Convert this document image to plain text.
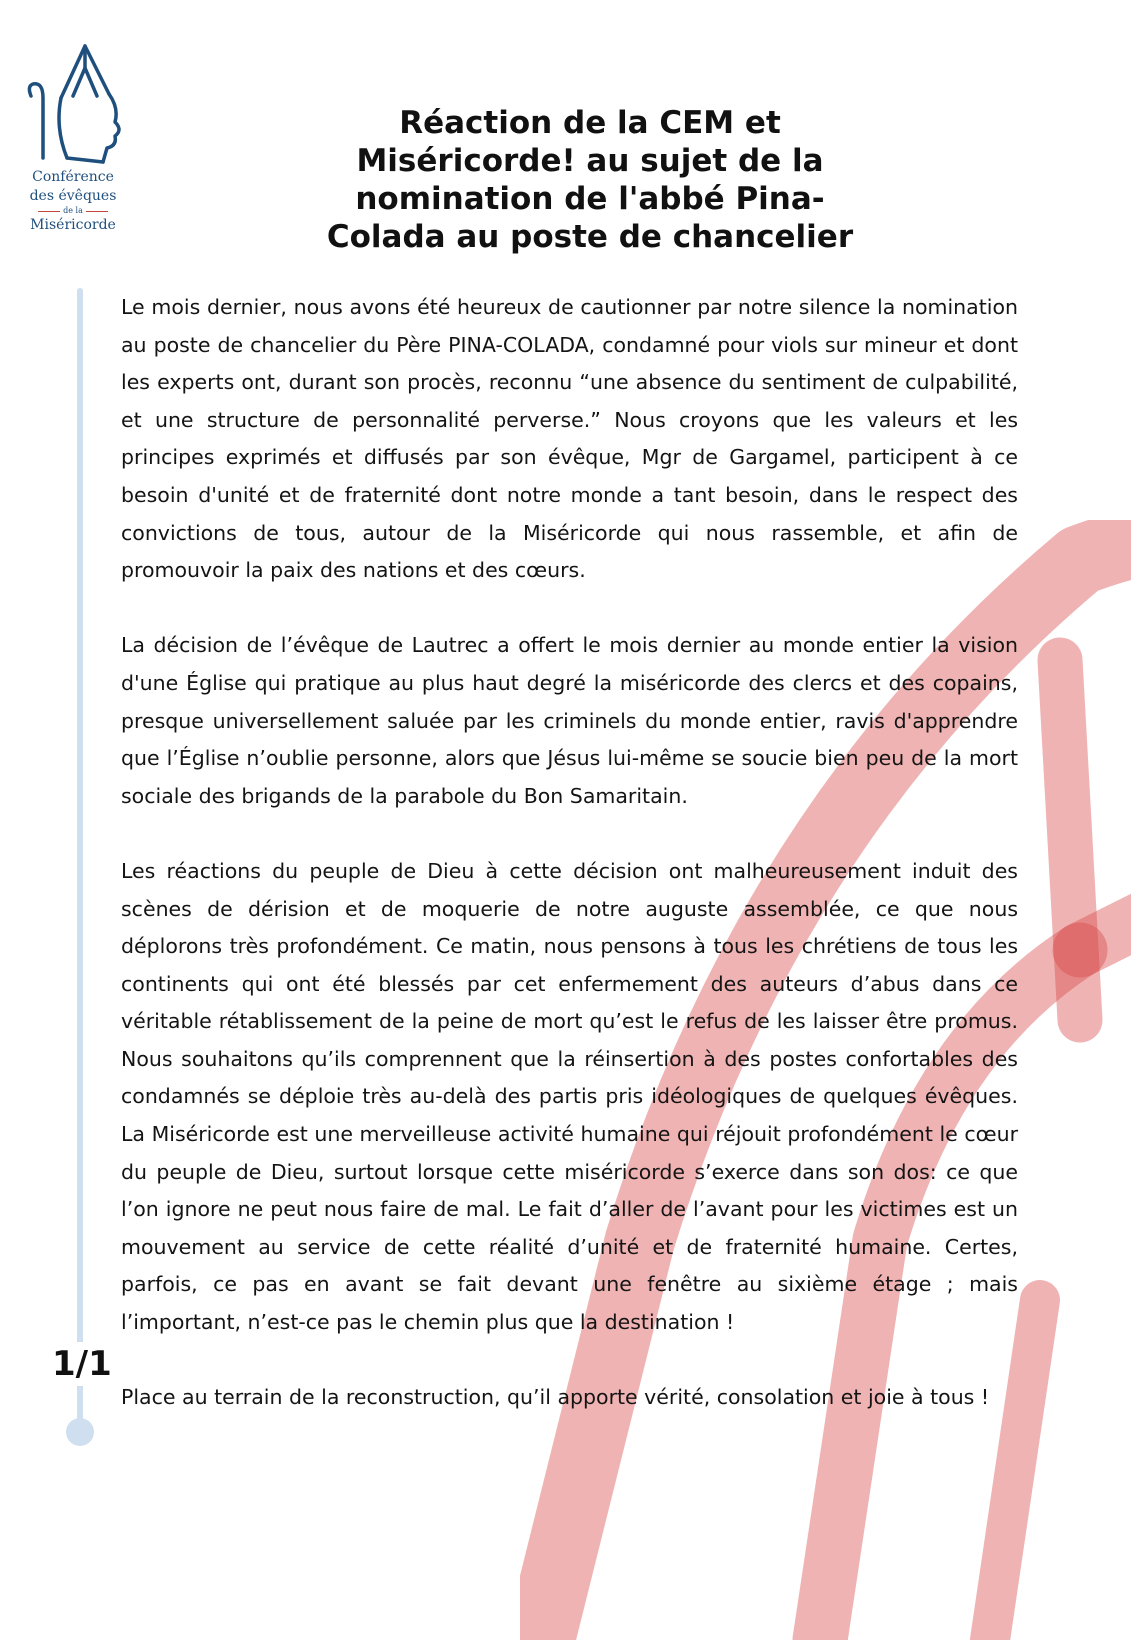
Conférence
des évêques
de la
Miséricorde
Réaction de la CEM et Miséricorde! au sujet de la nomination de l'abbé Pina-Colada au poste de chancelier
1/1

Le mois dernier, nous avons été heureux de cautionner par notre silence la nomination au poste de chancelier du Père PINA-COLADA, condamné pour viols sur mineur et dont les experts ont, durant son procès, reconnu “une absence du sentiment de culpabilité, et une structure de personnalité perverse.” Nous croyons que les valeurs et les principes exprimés et diffusés par son évêque, Mgr de Gargamel, participent à ce besoin d'unité et de fraternité dont notre monde a tant besoin, dans le respect des convictions de tous, autour de la Miséricorde qui nous rassemble, et afin de promouvoir la paix des nations et des cœurs.

La décision de l’évêque de Lautrec a offert le mois dernier au monde entier la vision d'une Église qui pratique au plus haut degré la miséricorde des clercs et des copains, presque universellement saluée par les criminels du monde entier, ravis d'apprendre que l’Église n’oublie personne, alors que Jésus lui-même se soucie bien peu de la mort sociale des brigands de la parabole du Bon Samaritain.

Les réactions du peuple de Dieu à cette décision ont malheureusement induit des scènes de dérision et de moquerie de notre auguste assemblée, ce que nous déplorons très profondément. Ce matin, nous pensons à tous les chrétiens de tous les continents qui ont été blessés par cet enfermement des auteurs d’abus dans ce véritable rétablissement de la peine de mort qu’est le refus de les laisser être promus. Nous souhaitons qu’ils comprennent que la réinsertion à des postes confortables des condamnés se déploie très au-delà des partis pris idéologiques de quelques évêques. La Miséricorde est une merveilleuse activité humaine qui réjouit profondément le cœur du peuple de Dieu, surtout lorsque cette miséricorde s’exerce dans son dos: ce que l’on ignore ne peut nous faire de mal. Le fait d’aller de l’avant pour les victimes est un mouvement au service de cette réalité d’unité et de fraternité humaine. Certes, parfois, ce pas en avant se fait devant une fenêtre au sixième étage ; mais l’important, n’est-ce pas le chemin plus que la destination !

Place au terrain de la reconstruction, qu’il apporte vérité, consolation et joie à tous !
